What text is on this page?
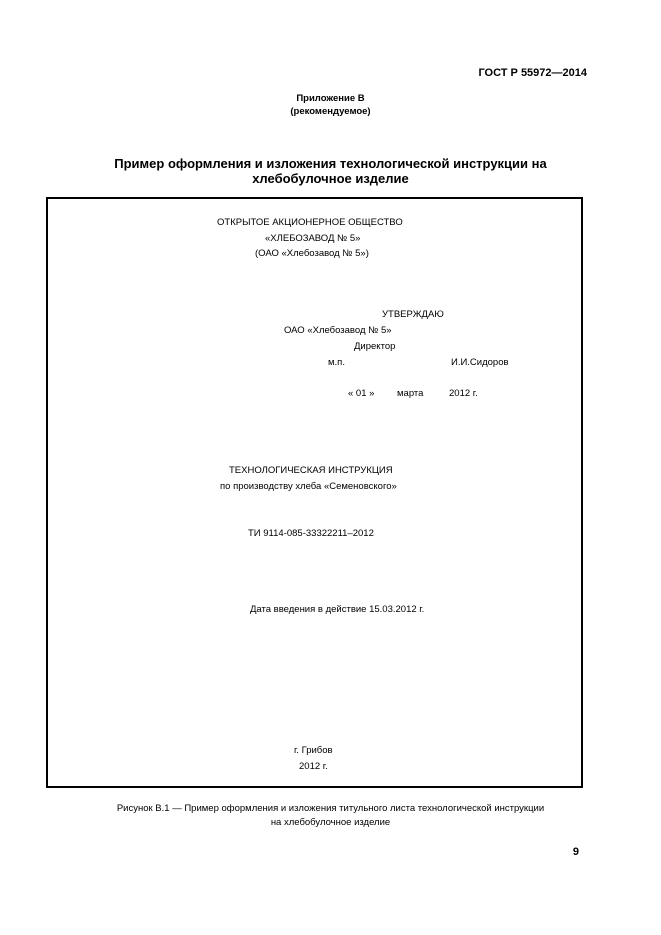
ГОСТ Р 55972—2014
Приложение В
(рекомендуемое)
Пример оформления и изложения технологической инструкции на
хлебобулочное изделие
ОТКРЫТОЕ АКЦИОНЕРНОЕ ОБЩЕСТВО
«ХЛЕБОЗАВОД № 5»
(ОАО «Хлебозавод № 5»)
УТВЕРЖДАЮ
ОАО «Хлебозавод № 5»
Директор
м.п.	И.И.Сидоров
« 01 » марта	2012 г.
ТЕХНОЛОГИЧЕСКАЯ ИНСТРУКЦИЯ
по производству хлеба «Семеновского»
ТИ 9114-085-33322211–2012
Дата введения в действие 15.03.2012 г.
г. Грибов
2012 г.
Рисунок В.1 — Пример оформления и изложения титульного листа технологической инструкции
на хлебобулочное изделие
9
